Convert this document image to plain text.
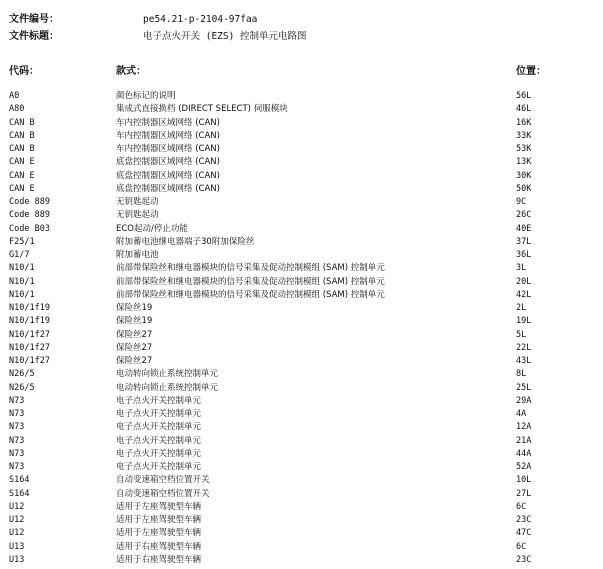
文件编号：	pe54.21-p-2104-97faa
文件标题：	电子点火开关 (EZS) 控制单元电路图
代码：	款式：	位置：
A0	颜色标记的说明	56L
A80	集成式直接换档 (DIRECT SELECT) 伺服模块	46L
CAN B	车内控制器区域网络 (CAN)	16K
CAN B	车内控制器区域网络 (CAN)	33K
CAN B	车内控制器区域网络 (CAN)	53K
CAN E	底盘控制器区域网络 (CAN)	13K
CAN E	底盘控制器区域网络 (CAN)	30K
CAN E	底盘控制器区域网络 (CAN)	50K
Code 889	无钥匙起动	9C
Code 889	无钥匙起动	26C
Code B03	ECO起动/停止功能	40E
F25/1	附加蓄电池继电器端子30附加保险丝	37L
G1/7	附加蓄电池	36L
N10/1	前部带保险丝和继电器模块的信号采集及促动控制模组 (SAM) 控制单元	3L
N10/1	前部带保险丝和继电器模块的信号采集及促动控制模组 (SAM) 控制单元	20L
N10/1	前部带保险丝和继电器模块的信号采集及促动控制模组 (SAM) 控制单元	42L
N10/1f19	保险丝19	2L
N10/1f19	保险丝19	19L
N10/1f27	保险丝27	5L
N10/1f27	保险丝27	22L
N10/1f27	保险丝27	43L
N26/5	电动转向锁止系统控制单元	8L
N26/5	电动转向锁止系统控制单元	25L
N73	电子点火开关控制单元	29A
N73	电子点火开关控制单元	4A
N73	电子点火开关控制单元	12A
N73	电子点火开关控制单元	21A
N73	电子点火开关控制单元	44A
N73	电子点火开关控制单元	52A
S164	自动变速箱空档位置开关	10L
S164	自动变速箱空档位置开关	27L
U12	适用于左座驾驶型车辆	6C
U12	适用于左座驾驶型车辆	23C
U12	适用于左座驾驶型车辆	47C
U13	适用于右座驾驶型车辆	6C
U13	适用于右座驾驶型车辆	23C
